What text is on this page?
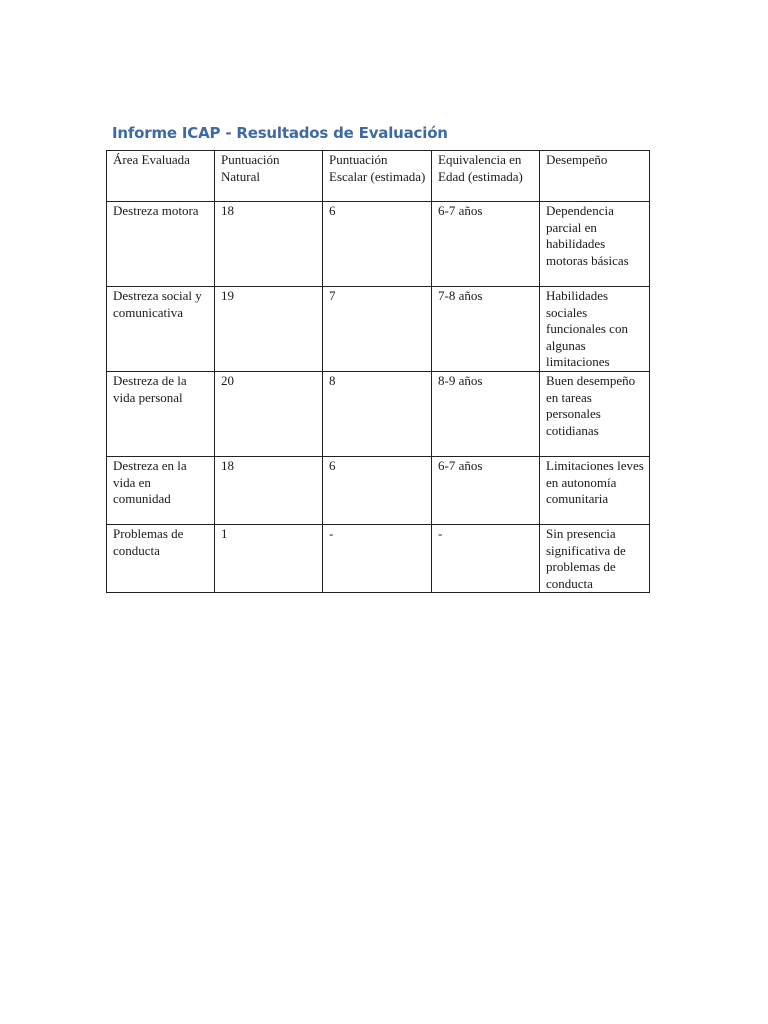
Informe ICAP - Resultados de Evaluación
Área Evaluada	Puntuación Natural	Puntuación Escalar (estimada)	Equivalencia en Edad (estimada)	Desempeño
Destreza motora	18	6	6-7 años	Dependencia parcial en habilidades motoras básicas
Destreza social y comunicativa	19	7	7-8 años	Habilidades sociales funcionales con algunas limitaciones
Destreza de la vida personal	20	8	8-9 años	Buen desempeño en tareas personales cotidianas
Destreza en la vida en comunidad	18	6	6-7 años	Limitaciones leves en autonomía comunitaria
Problemas de conducta	1	-	-	Sin presencia significativa de problemas de conducta
